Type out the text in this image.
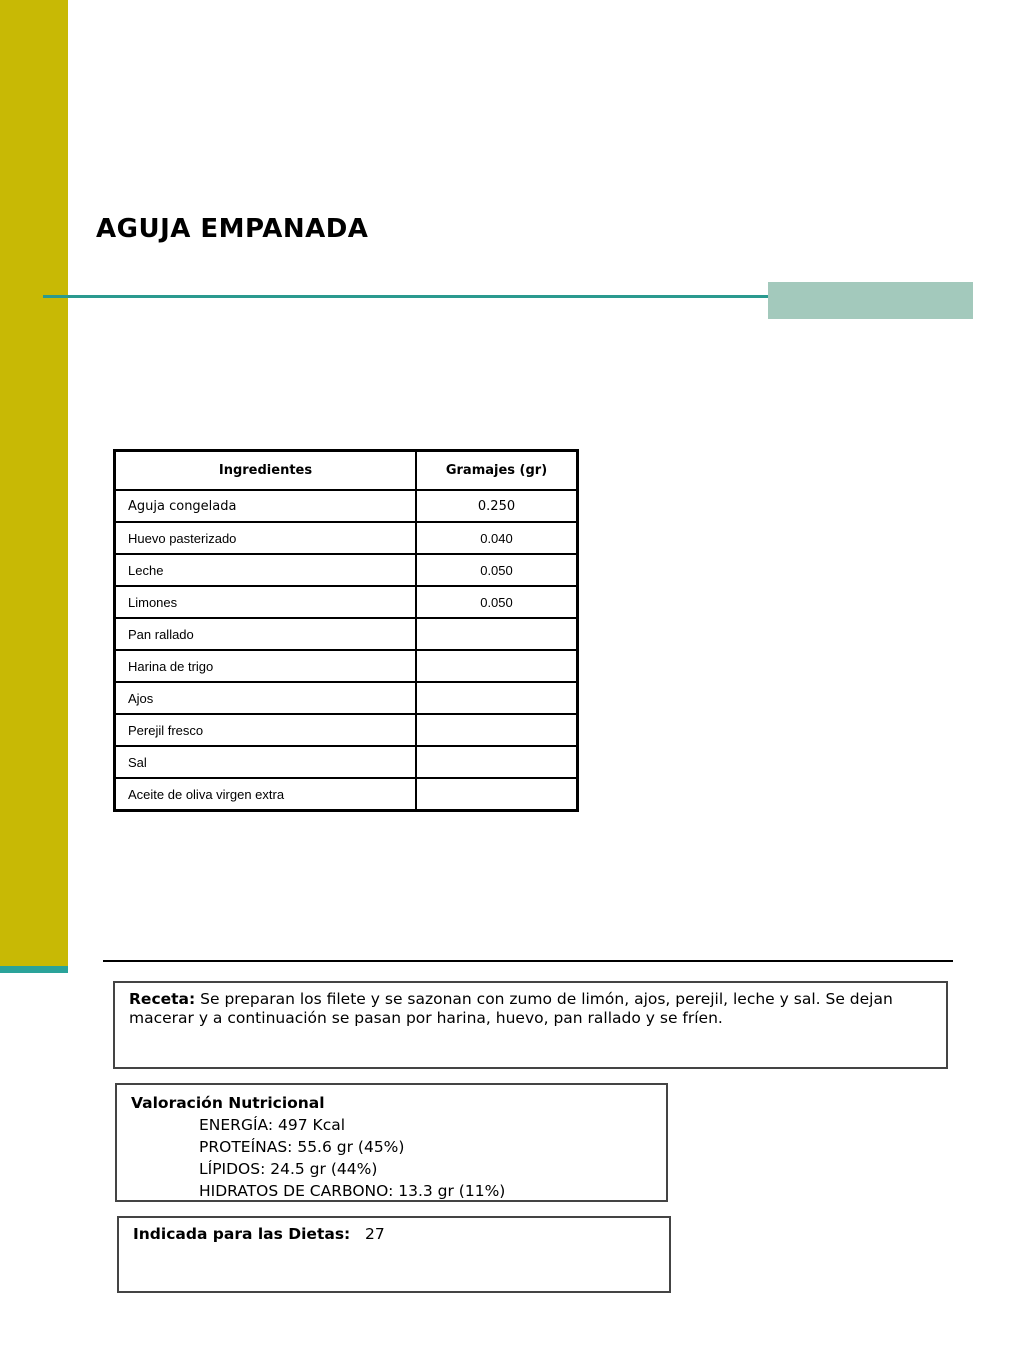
AGUJA EMPANADA
Ingredientes	Gramajes (gr)
Aguja congelada	0.250
Huevo pasterizado	0.040
Leche	0.050
Limones	0.050
Pan rallado	
Harina de trigo	
Ajos	
Perejil fresco	
Sal	
Aceite de oliva virgen extra	
Receta: Se preparan los filete y se sazonan con zumo de limón, ajos, perejil, leche y sal. Se dejan macerar y a continuación se pasan por harina, huevo, pan rallado y se fríen.
Valoración Nutricional
ENERGÍA: 497 Kcal
PROTEÍNAS: 55.6 gr (45%)
LÍPIDOS: 24.5 gr (44%)
HIDRATOS DE CARBONO: 13.3 gr (11%)
Indicada para las Dietas: 27
